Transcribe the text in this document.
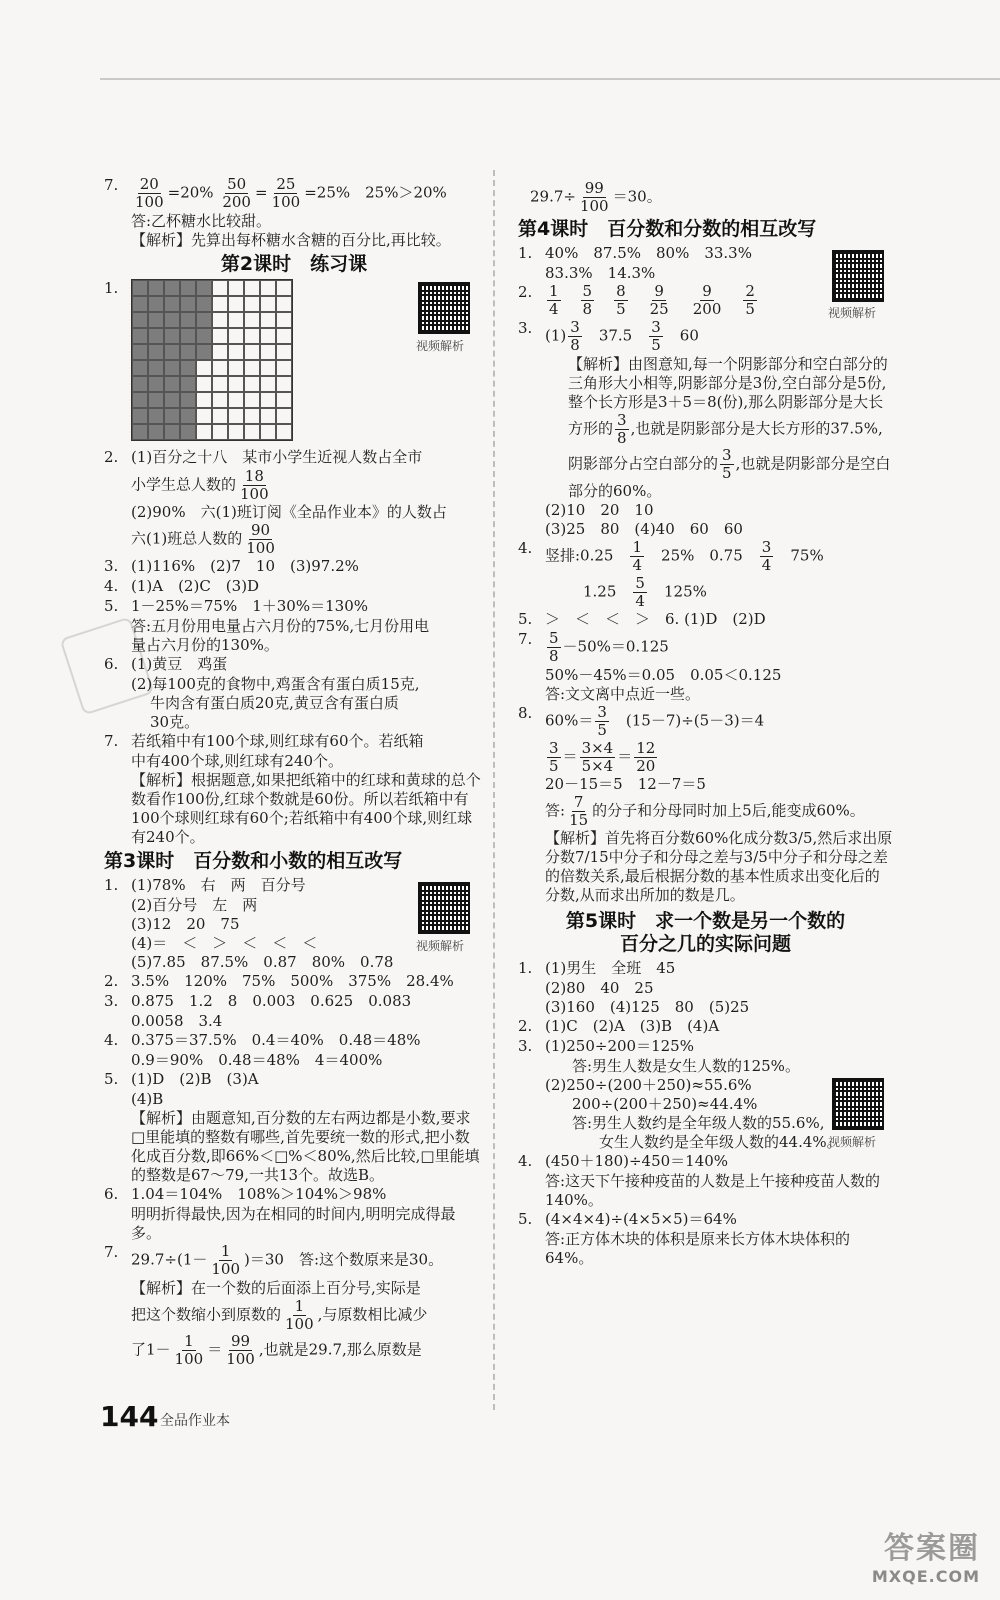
7. $\frac{20}{100} =20\% \frac{50}{200} = \frac{25}{100} =25\%$　25%＞20%
答:乙杯糖水比较甜。
【解析】先算出每杯糖水含糖的百分比,再比较。
第2课时　练习课
1.
2. (1)百分之十八　某市小学生近视人数占全市
小学生总人数的 $\frac{18}{100}$
(2)90%　六(1)班订阅《全品作业本》的人数占
六(1)班总人数的 $\frac{90}{100}$
3. (1)116%　(2)7　10　(3)97.2%
4. (1)A　(2)C　(3)D
5. 1－25%＝75%　1＋30%＝130%
答:五月份用电量占六月份的75%,七月份用电
量占六月份的130%。
6. (1)黄豆　鸡蛋
(2)每100克的食物中,鸡蛋含有蛋白质15克,
牛肉含有蛋白质20克,黄豆含有蛋白质
30克。
7. 若纸箱中有100个球,则红球有60个。若纸箱
中有400个球,则红球有240个。
【解析】根据题意,如果把纸箱中的红球和黄球的总个数看作100份,红球个数就是60份。所以若纸箱中有100个球则红球有60个;若纸箱中有400个球,则红球有240个。
第3课时　百分数和小数的相互改写
1. (1)78%　右　两　百分号
(2)百分号　左　两
(3)12　20　75
(4)＝　＜　＞　＜　＜　＜
(5)7.85　87.5%　0.87　80%　0.78
2. 3.5%　120%　75%　500%　375%　28.4%
3. 0.875　1.2　8　0.003　0.625　0.083
0.0058　3.4
4. 0.375＝37.5%　0.4＝40%　0.48＝48%
0.9＝90%　0.48＝48%　4＝400%
5. (1)D　(2)B　(3)A
(4)B
【解析】由题意知,百分数的左右两边都是小数,要求□里能填的整数有哪些,首先要统一数的形式,把小数化成百分数,即66%＜□%＜80%,然后比较,□里能填的整数是67～79,一共13个。故选B。
6. 1.04＝104%　108%＞104%＞98%
明明折得最快,因为在相同的时间内,明明完成得最多。
7. $29.7\div(1- \frac{1}{100} )=30$　答:这个数原来是30。
【解析】在一个数的后面添上百分号,实际是
把这个数缩小到原数的 $\frac{1}{100}$ ,与原数相比减少
了$1- \frac{1}{100} = \frac{99}{100}$ ,也就是29.7,那么原数是
视频解析
视频解析
视频解析
视频解析
$29.7\div \frac{99}{100} =30$。
第4课时　百分数和分数的相互改写
1. 40%　87.5%　80%　33.3%
83.3%　14.3%
2. $\frac{1}{4} \frac{5}{8} \frac{8}{5} \frac{9}{25} \frac{9}{200} \frac{2}{5}$
3. $(1) \frac{3}{8}$
　 37.5　 $\frac{3}{5}$
　 60
【解析】由图意知,每一个阴影部分和空白部分的三角形大小相等,阴影部分是3份,空白部分是5份,整个长方形是3＋5＝8(份),那么阴影部分是大长方形的 $\frac{3}{8}$ ,也就是阴影部分是大长方形的37.5%,阴影部分占空白部分的 $\frac{3}{5}$ ,也就是阴影部分是空白部分的60%。
(2)10　20　10
(3)25　80　(4)40　60　60
4. 竖排:0.25　 $\frac{1}{4}$
　 25%　0.75　 $\frac{3}{4}$
　 75%
1.25　 $\frac{5}{4}$
　 125%
5. ＞　＜　＜　＞　6. (1)D　(2)D
7. $\frac{5}{8} -50\%=0.125$
50%－45%＝0.05　0.05＜0.125
答:文文离中点近一些。
8. $60\%= \frac{3}{5}$
　 (15－7)÷(5－3)＝4
$\frac{3}{5} = \frac{3\times 4}{5\times 4} = \frac{12}{20}$
20－15＝5　12－7＝5
答: $\frac{7}{15}$ 的分子和分母同时加上5后,能变成60%。
【解析】首先将百分数60%化成分数3/5,然后求出原分数7/15中分子和分母之差与3/5中分子和分母之差的倍数关系,最后根据分数的基本性质求出变化后的分数,从而求出所加的数是几。
第5课时　求一个数是另一个数的
百分之几的实际问题
1. (1)男生　全班　45
(2)80　40　25
(3)160　(4)125　80　(5)25
2. (1)C　(2)A　(3)B　(4)A
3. (1)250÷200＝125%
答:男生人数是女生人数的125%。
(2)250÷(200＋250)≈55.6%
200÷(200＋250)≈44.4%
答:男生人数约是全年级人数的55.6%,
女生人数约是全年级人数的44.4%。
4. (450＋180)÷450＝140%
答:这天下午接种疫苗的人数是上午接种疫苗人数的140%。
5. (4×4×4)÷(4×5×5)＝64%
答:正方体木块的体积是原来长方体木块体积的64%。
144 全品作业本
答案圈
MXQE.COM
